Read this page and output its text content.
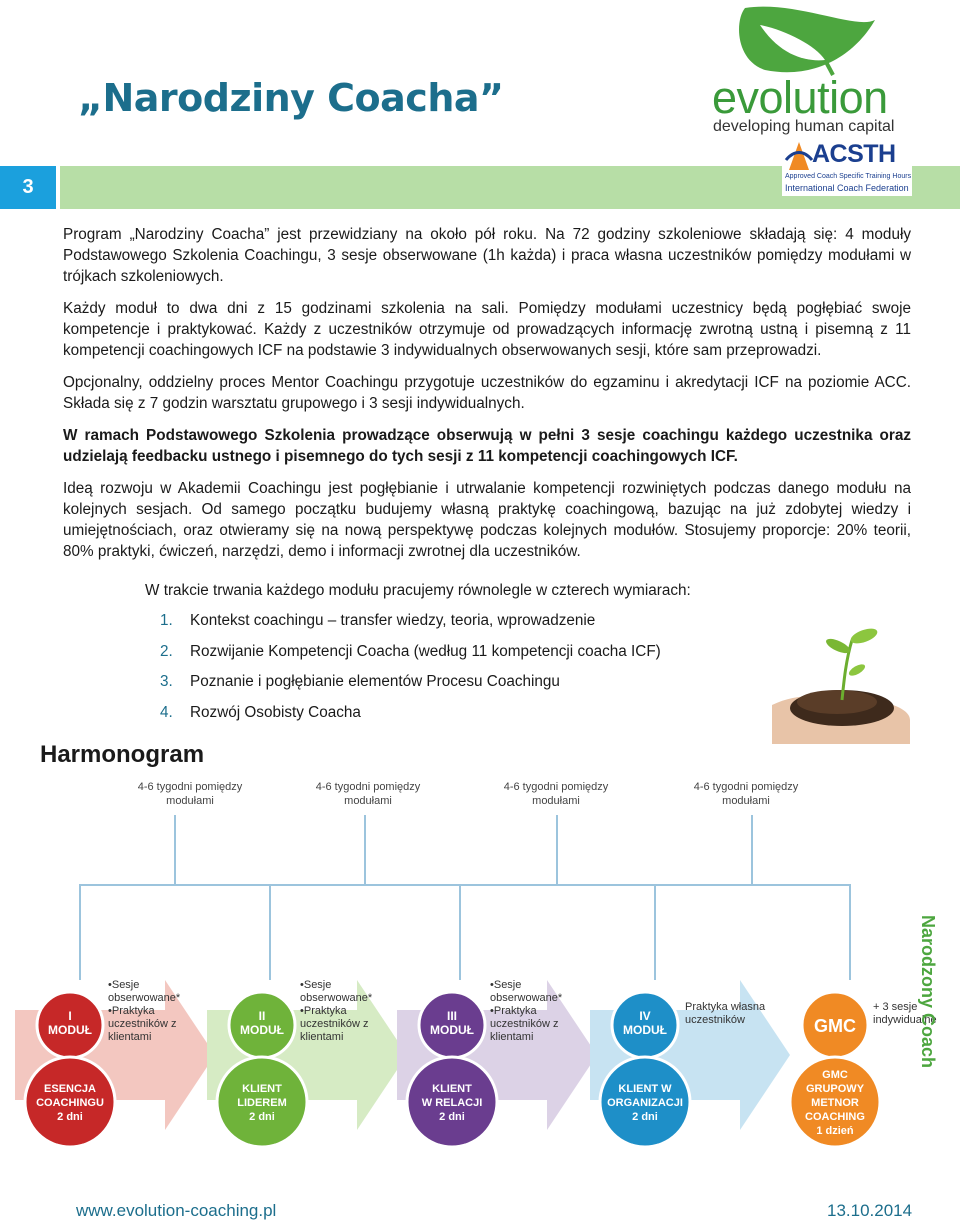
„Narodziny Coacha”	evolution
developing human capital
3
ACSTH
Approved Coach Specific Training Hours
International Coach Federation

Program „Narodziny Coacha” jest przewidziany na około pół roku. Na 72 godziny szkoleniowe składają się: 4 moduły Podstawowego Szkolenia Coachingu, 3 sesje obserwowane (1h każda) i praca własna uczestników pomiędzy modułami w trójkach szkoleniowych.

Każdy moduł to dwa dni z 15 godzinami szkolenia na sali. Pomiędzy modułami uczestnicy będą pogłębiać swoje kompetencje i praktykować. Każdy z uczestników otrzymuje od prowadzących informację zwrotną ustną i pisemną z 11 kompetencji coachingowych ICF na podstawie 3 indywidualnych obserwowanych sesji, które sam przeprowadzi.

Opcjonalny, oddzielny proces Mentor Coachingu przygotuje uczestników do egzaminu i akredytacji ICF na poziomie ACC. Składa się z 7 godzin warsztatu grupowego i 3 sesji indywidualnych.

W ramach Podstawowego Szkolenia prowadzące obserwują w pełni 3 sesje coachingu każdego uczestnika oraz udzielają feedbacku ustnego i pisemnego do tych sesji z 11 kompetencji coachingowych ICF.

Ideą rozwoju w Akademii Coachingu jest pogłębianie i utrwalanie kompetencji rozwiniętych podczas danego modułu na kolejnych sesjach. Od samego początku budujemy własną praktykę coachingową, bazując na już zdobytej wiedzy i umiejętnościach, oraz otwieramy się na nową perspektywę podczas kolejnych modułów. Stosujemy proporcje: 20% teorii, 80% praktyki, ćwiczeń, narzędzi, demo i informacji zwrotnej dla uczestników.

W trakcie trwania każdego modułu pracujemy równolegle w czterech wymiarach:
1.	Kontekst coachingu – transfer wiedzy, teoria, wprowadzenie
2.	Rozwijanie Kompetencji Coacha (według 11 kompetencji coacha ICF)
3.	Poznanie i pogłębianie elementów Procesu Coachingu
4.	Rozwój Osobisty Coacha
Harmonogram
4-6 tygodni pomiędzy
modułami
4-6 tygodni pomiędzy
modułami
4-6 tygodni pomiędzy
modułami
4-6 tygodni pomiędzy
modułami
I
MODUŁ
•Sesje
obserwowane*
•Praktyka
uczestników z
klientami
ESENCJA
COACHINGU
2 dni
II
MODUŁ
•Sesje
obserwowane*
•Praktyka
uczestników z
klientami
KLIENT
LIDEREM
2 dni
III
MODUŁ
•Sesje
obserwowane*
•Praktyka
uczestników z
klientami
KLIENT
W RELACJI
2 dni
IV
MODUŁ
Praktyka własna
uczestników
KLIENT W
ORGANIZACJI
2 dni
GMC
+ 3 sesje
indywidualne
GMC
GRUPOWY
METNOR
COACHING
1 dzień
Narodzony Coach
www.evolution-coaching.pl	13.10.2014
